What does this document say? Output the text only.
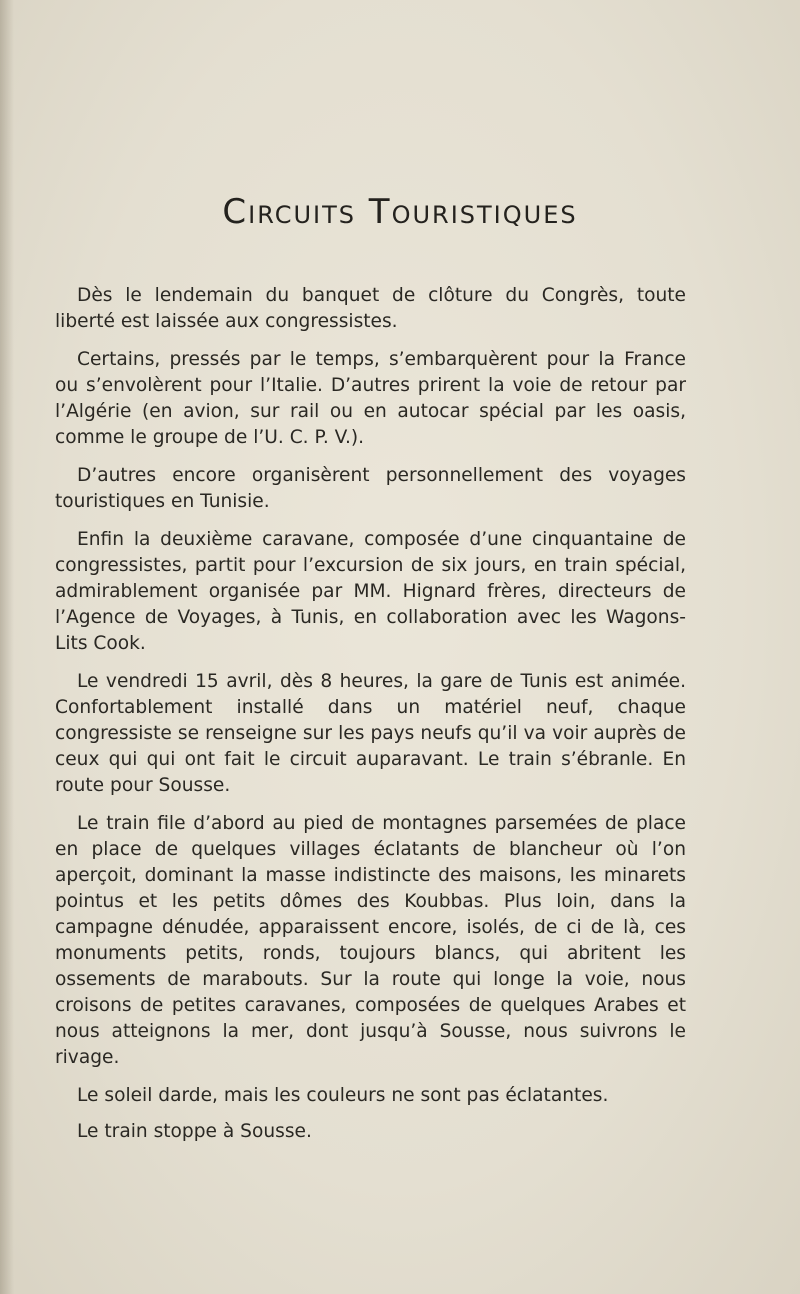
Circuits Touristiques

Dès le lendemain du banquet de clôture du Congrès, toute liberté est laissée aux congressistes.

Certains, pressés par le temps, s’embarquèrent pour la France ou s’envolèrent pour l’Italie. D’autres prirent la voie de retour par l’Algérie (en avion, sur rail ou en autocar spécial par les oasis, comme le groupe de l’U. C. P. V.).

D’autres encore organisèrent personnellement des voyages touristiques en Tunisie.

Enfin la deuxième caravane, composée d’une cinquantaine de congressistes, partit pour l’excursion de six jours, en train spécial, admirablement organisée par MM. Hignard frères, directeurs de l’Agence de Voyages, à Tunis, en collaboration avec les Wagons-Lits Cook.

Le vendredi 15 avril, dès 8 heures, la gare de Tunis est animée. Confortablement installé dans un matériel neuf, chaque congressiste se renseigne sur les pays neufs qu’il va voir auprès de ceux qui qui ont fait le circuit auparavant. Le train s’ébranle. En route pour Sousse.

Le train file d’abord au pied de montagnes parsemées de place en place de quelques villages éclatants de blancheur où l’on aperçoit, dominant la masse indistincte des maisons, les minarets pointus et les petits dômes des Koubbas. Plus loin, dans la campagne dénudée, apparaissent encore, isolés, de ci de là, ces monuments petits, ronds, toujours blancs, qui abritent les ossements de marabouts. Sur la route qui longe la voie, nous croisons de petites caravanes, composées de quelques Arabes et nous atteignons la mer, dont jusqu’à Sousse, nous suivrons le rivage.

Le soleil darde, mais les couleurs ne sont pas éclatantes.

Le train stoppe à Sousse.
